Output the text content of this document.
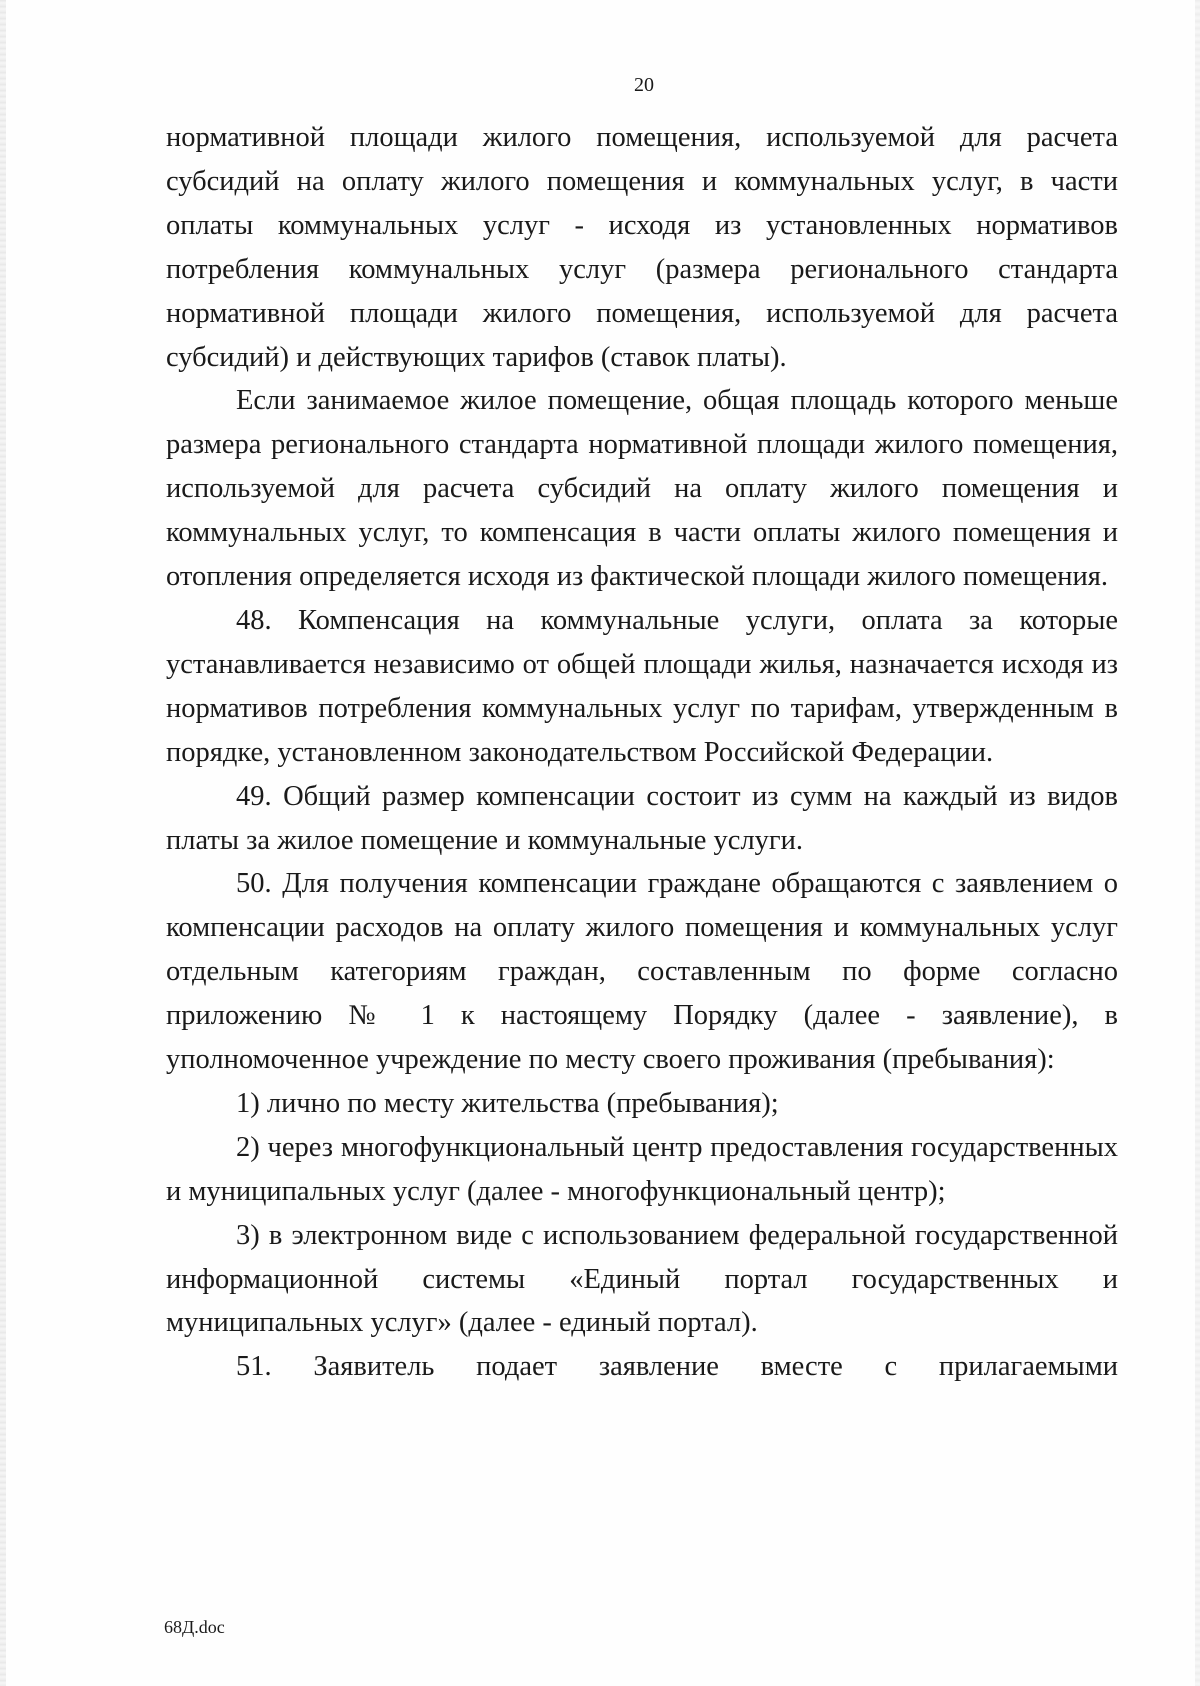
20

нормативной площади жилого помещения, используемой для расчета субсидий на оплату жилого помещения и коммунальных услуг, в части оплаты коммунальных услуг - исходя из установленных нормативов потребления коммунальных услуг (размера регионального стандарта нормативной площади жилого помещения, используемой для расчета субсидий) и действующих тарифов (ставок платы).

Если занимаемое жилое помещение, общая площадь которого меньше размера регионального стандарта нормативной площади жилого помещения, используемой для расчета субсидий на оплату жилого помещения и коммунальных услуг, то компенсация в части оплаты жилого помещения и отопления определяется исходя из фактической площади жилого помещения.

48. Компенсация на коммунальные услуги, оплата за которые устанавливается независимо от общей площади жилья, назначается исходя из нормативов потребления коммунальных услуг по тарифам, утвержденным в порядке, установленном законодательством Российской Федерации.

49. Общий размер компенсации состоит из сумм на каждый из видов платы за жилое помещение и коммунальные услуги.

50. Для получения компенсации граждане обращаются с заявлением о компенсации расходов на оплату жилого помещения и коммунальных услуг отдельным категориям граждан, составленным по форме согласно приложению № 1 к настоящему Порядку (далее - заявление), в уполномоченное учреждение по месту своего проживания (пребывания):

1) лично по месту жительства (пребывания);

2) через многофункциональный центр предоставления государственных и муниципальных услуг (далее - многофункциональный центр);

3) в электронном виде с использованием федеральной государственной информационной системы «Единый портал государственных и муниципальных услуг» (далее - единый портал).

51. Заявитель подает заявление вместе с прилагаемыми

68Д.doc
